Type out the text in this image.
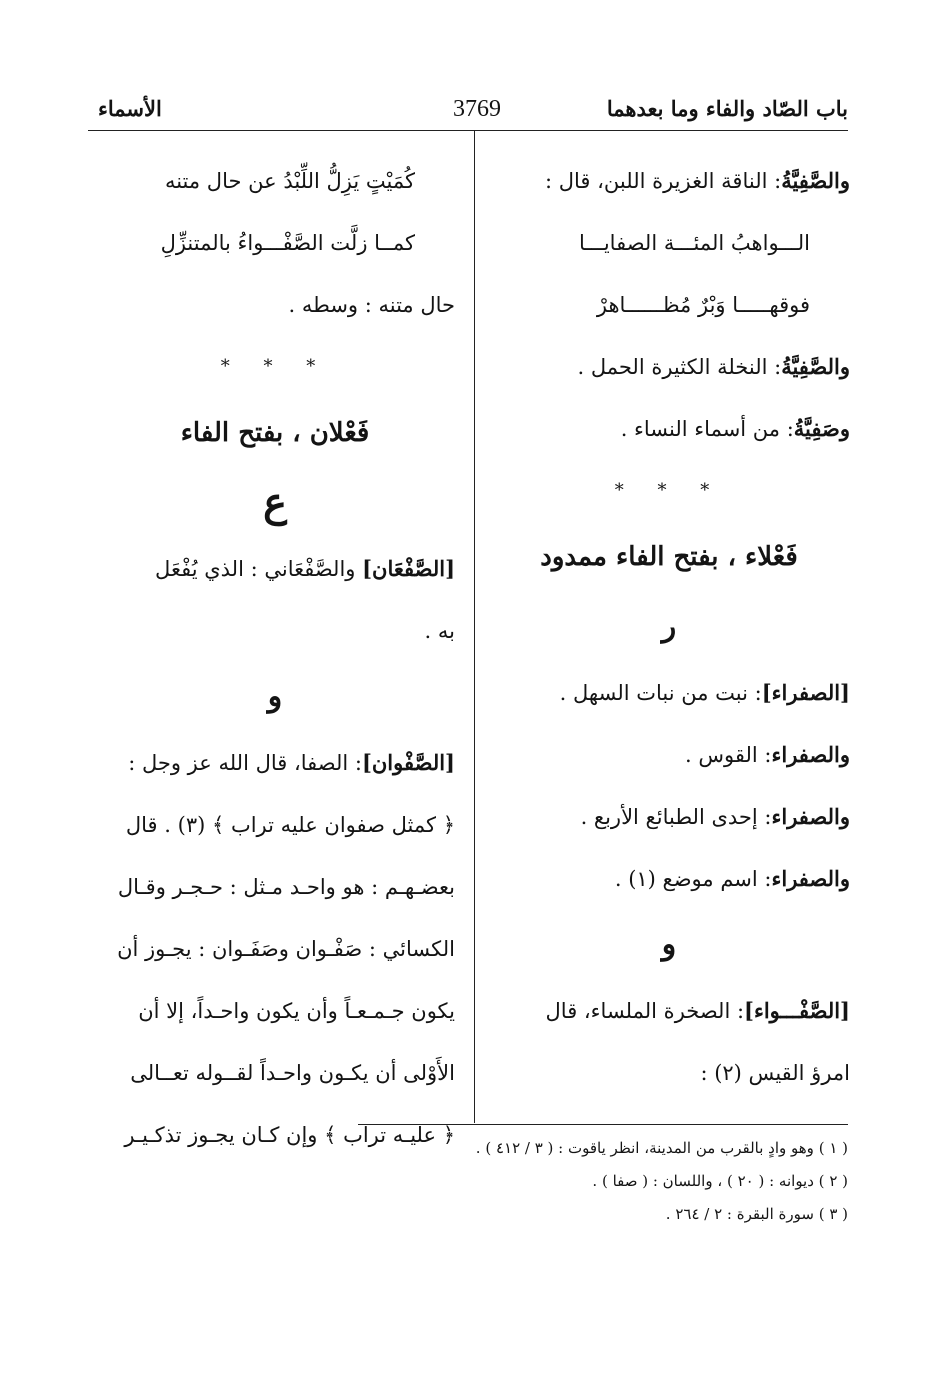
باب الصّاد والفاء وما بعدهما
3769
الأسماء
والصَّفِيَّةُ: الناقة الغزيرة اللبن، قال :
الـــواهبُ المئـــة الصفايـــا
فوقهـــــا وَبْرٌ مُظــــــاهرْ
والصَّفِيَّةُ: النخلة الكثيرة الحمل .
وصَفِيَّةُ: من أسماء النساء .
* * *
فَعْلاء ، بفتح الفاء ممدود
ر
[الصفراء]: نبت من نبات السهل .
والصفراء: القوس .
والصفراء: إحدى الطبائع الأربع .
والصفراء: اسم موضع (١) .
و
[الصَّفْـــواء]: الصخرة الملساء، قال
امرؤ القيس (٢) :
كُمَيْتٍ يَزِلُّ اللِّبْدُ عن حال متنه
كمــا زلَّت الصَّفْـــواءُ بالمتنزِّلِ
حال متنه : وسطه .
* * *
فَعْلان ، بفتح الفاء
ع
[الصَّفْعَان] والصَّفْعَاني : الذي يُفْعَل
به .
و
[الصَّفْوان]: الصفا، قال الله عز وجل :
﴿ كمثل صفوان عليه تراب ﴾ (٣) . قال
بعضـهـم : هو واحـد مـثل : حـجـر وقـال
الكسائي : صَفْـوان وصَفَـوان : يجـوز أن
يكون جـمـعـاً وأن يكون واحـداً، إلا أن
الأَوْلى أن يكـون واحـداً لقــوله تعــالى
﴿ عليـه تراب ﴾ وإن كـان يجـوز تذكـيـر
( ١ ) وهو وادٍ بالقرب من المدينة، انظر ياقوت : ( ٣ / ٤١٢ ) .
( ٢ ) ديوانه : ( ٢٠ ) ، واللسان : ( صفا ) .
( ٣ ) سورة البقرة : ٢ / ٢٦٤ .
